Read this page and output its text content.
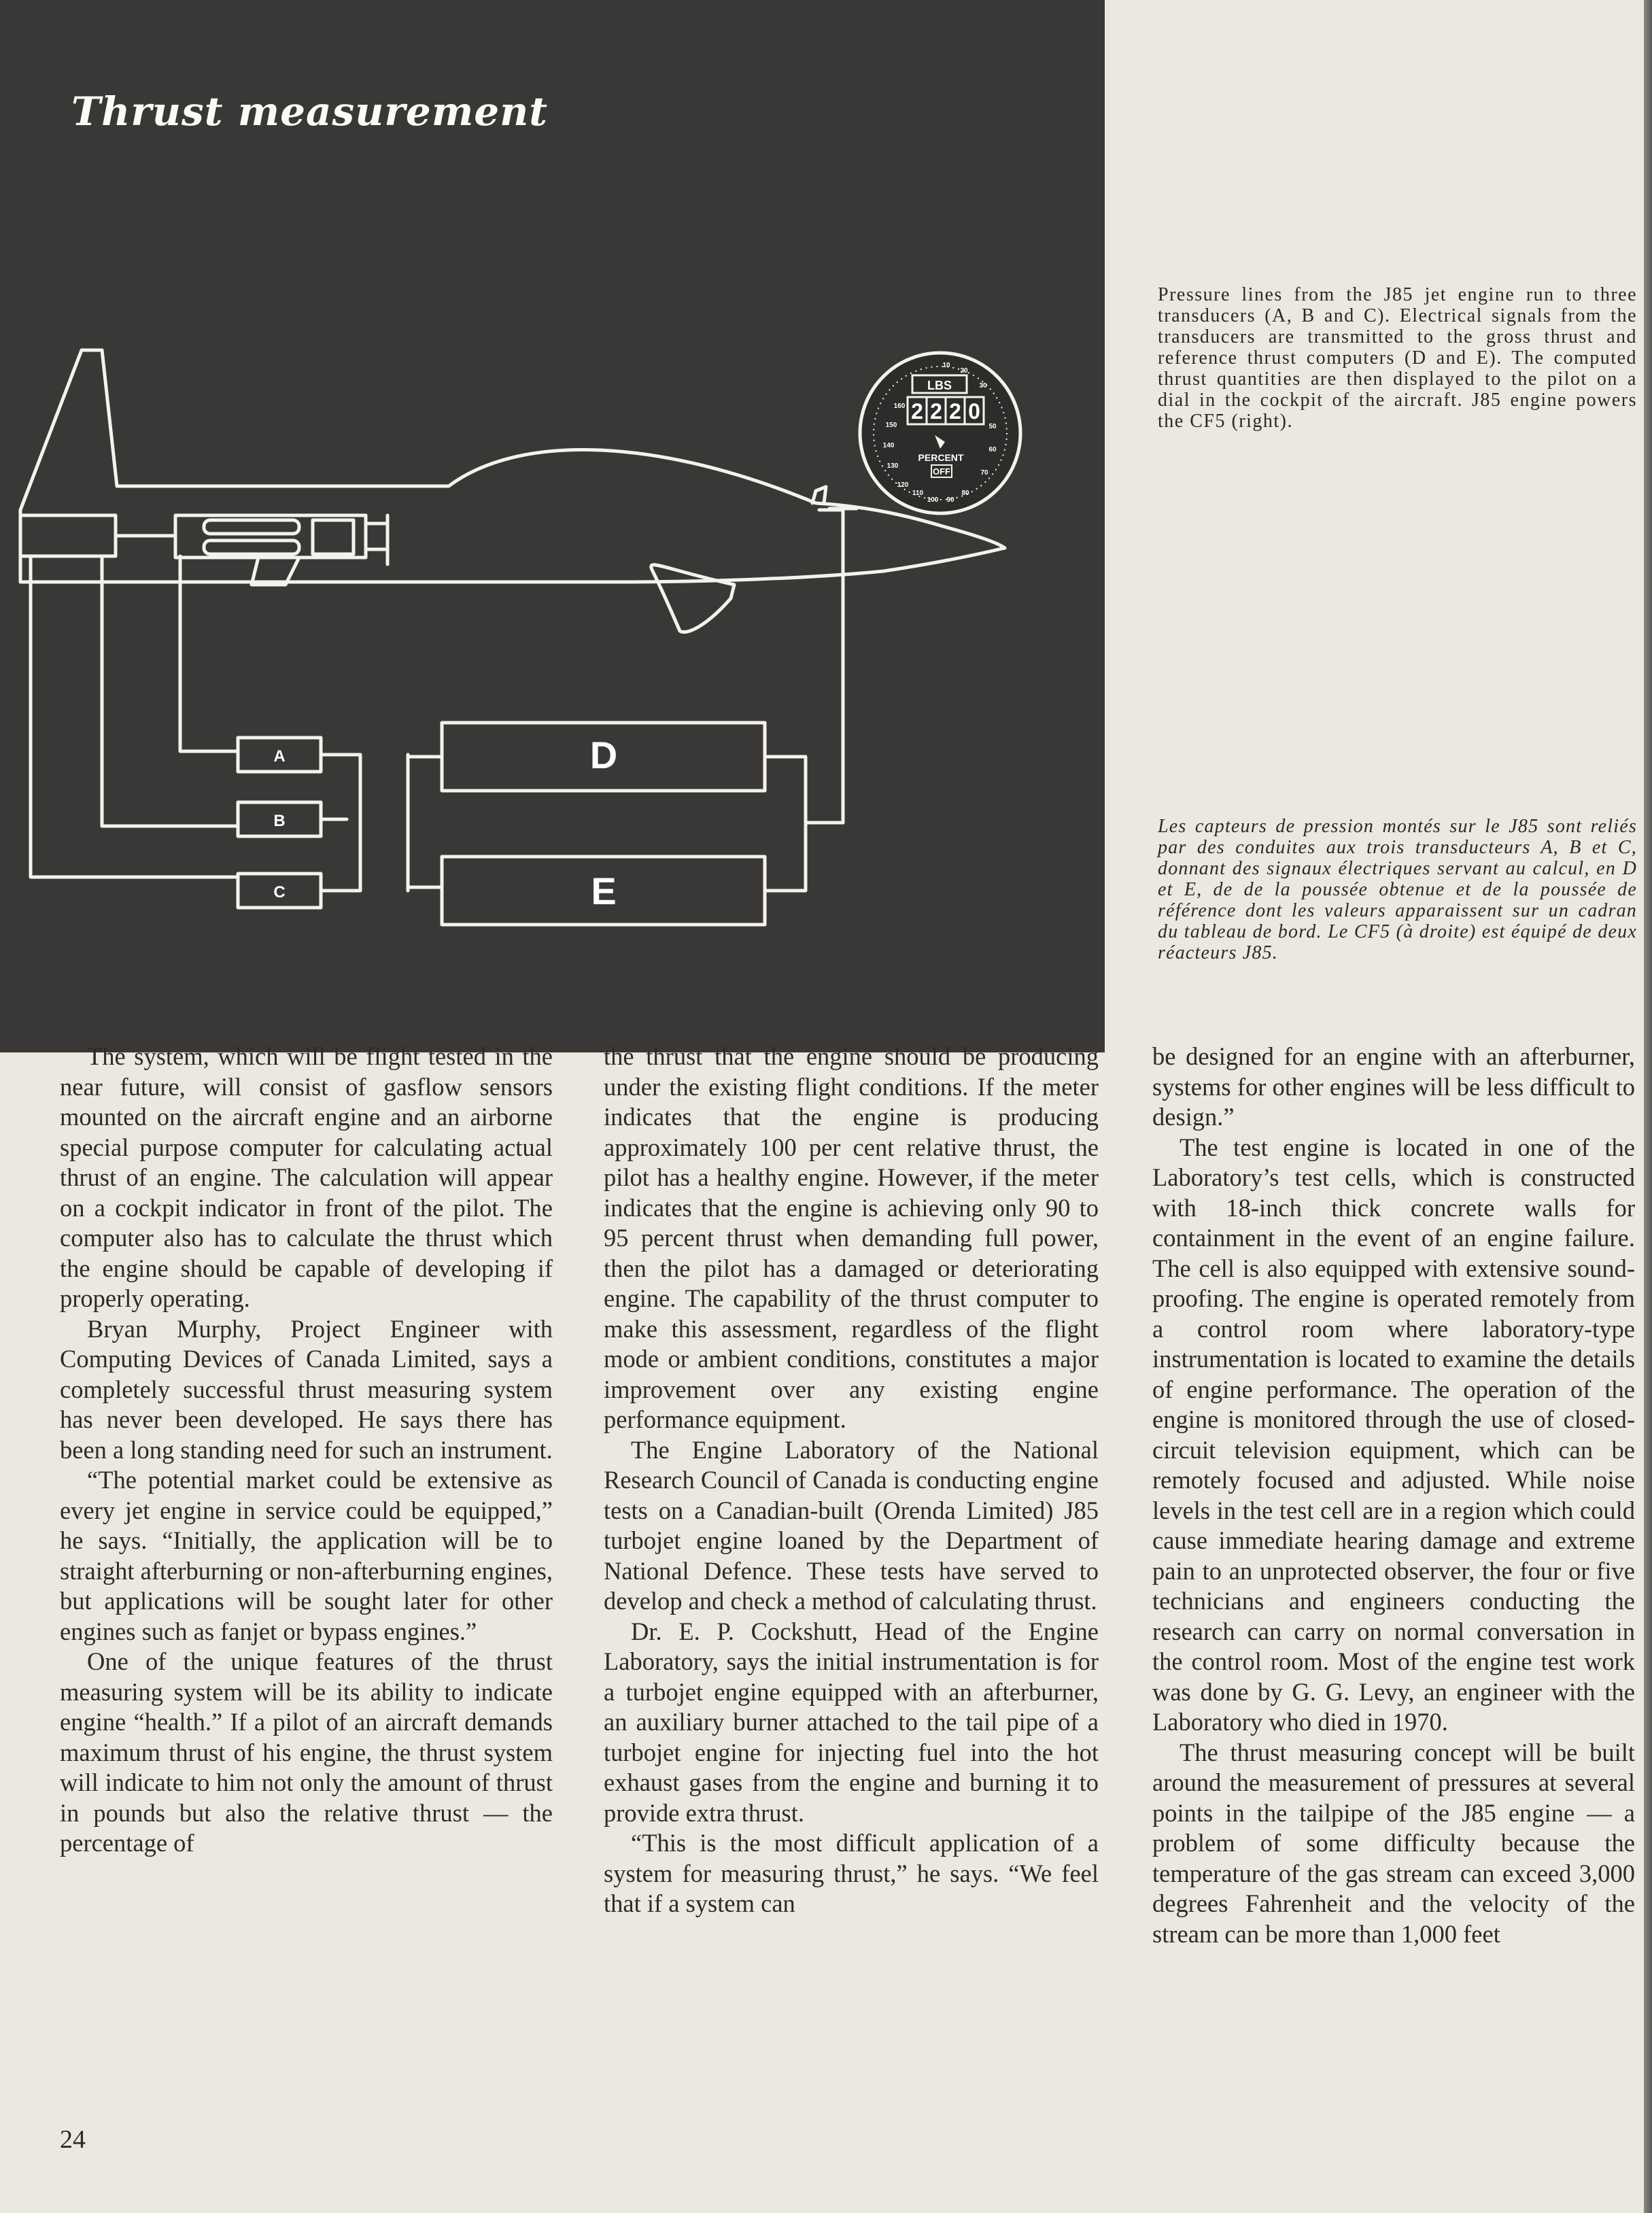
A
B
C
D
E
LBS
2 2 2 0
PERCENT
OFF
160
150
140
130
120
20
30
50
60
70
110
100 90
80
10
Thrust measurement

Pressure lines from the J85 jet engine run to three transducers (A, B and C). Electrical signals from the transducers are transmitted to the gross thrust and reference thrust computers (D and E). The computed thrust quantities are then displayed to the pilot on a dial in the cockpit of the aircraft. J85 engine powers the CF5 (right).

Les capteurs de pression montés sur le J85 sont reliés par des conduites aux trois transducteurs A, B et C, donnant des signaux électriques servant au calcul, en D et E, de de la poussée obtenue et de la poussée de référence dont les valeurs apparaissent sur un cadran du tableau de bord. Le CF5 (à droite) est équipé de deux réacteurs J85.

The system, which will be flight tested in the near future, will consist of gasflow sensors mounted on the aircraft engine and an airborne special purpose computer for calculating actual thrust of an engine. The calculation will appear on a cockpit indicator in front of the pilot. The computer also has to calculate the thrust which the engine should be capable of developing if properly operating.

Bryan Murphy, Project Engineer with Computing Devices of Canada Limited, says a completely successful thrust measuring system has never been developed. He says there has been a long standing need for such an instrument.

“The potential market could be extensive as every jet engine in service could be equipped,” he says. “Initially, the application will be to straight afterburning or non-afterburning engines, but applications will be sought later for other engines such as fanjet or bypass engines.”

One of the unique features of the thrust measuring system will be its ability to indicate engine “health.” If a pilot of an aircraft demands maximum thrust of his engine, the thrust system will indicate to him not only the amount of thrust in pounds but also the relative thrust — the percentage of

the thrust that the engine should be producing under the existing flight conditions. If the meter indicates that the engine is producing approximately 100 per cent relative thrust, the pilot has a healthy engine. However, if the meter indicates that the engine is achieving only 90 to 95 percent thrust when demanding full power, then the pilot has a damaged or deteriorating engine. The capability of the thrust computer to make this assessment, regardless of the flight mode or ambient conditions, constitutes a major improvement over any existing engine performance equipment.

The Engine Laboratory of the National Research Council of Canada is conducting engine tests on a Canadian-built (Orenda Limited) J85 turbojet engine loaned by the Department of National Defence. These tests have served to develop and check a method of calculating thrust.

Dr. E. P. Cockshutt, Head of the Engine Laboratory, says the initial instrumentation is for a turbojet engine equipped with an afterburner, an auxiliary burner attached to the tail pipe of a turbojet engine for injecting fuel into the hot exhaust gases from the engine and burning it to provide extra thrust.

“This is the most difficult application of a system for measuring thrust,” he says. “We feel that if a system can

be designed for an engine with an afterburner, systems for other engines will be less difficult to design.”

The test engine is located in one of the Laboratory’s test cells, which is constructed with 18-inch thick concrete walls for containment in the event of an engine failure. The cell is also equipped with extensive sound-proofing. The engine is operated remotely from a control room where laboratory-type instrumentation is located to examine the details of engine performance. The operation of the engine is monitored through the use of closed-circuit television equipment, which can be remotely focused and adjusted. While noise levels in the test cell are in a region which could cause immediate hearing damage and extreme pain to an unprotected observer, the four or five technicians and engineers conducting the research can carry on normal conversation in the control room. Most of the engine test work was done by G. G. Levy, an engineer with the Laboratory who died in 1970.

The thrust measuring concept will be built around the measurement of pressures at several points in the tailpipe of the J85 engine — a problem of some difficulty because the temperature of the gas stream can exceed 3,000 degrees Fahrenheit and the velocity of the stream can be more than 1,000 feet

24
